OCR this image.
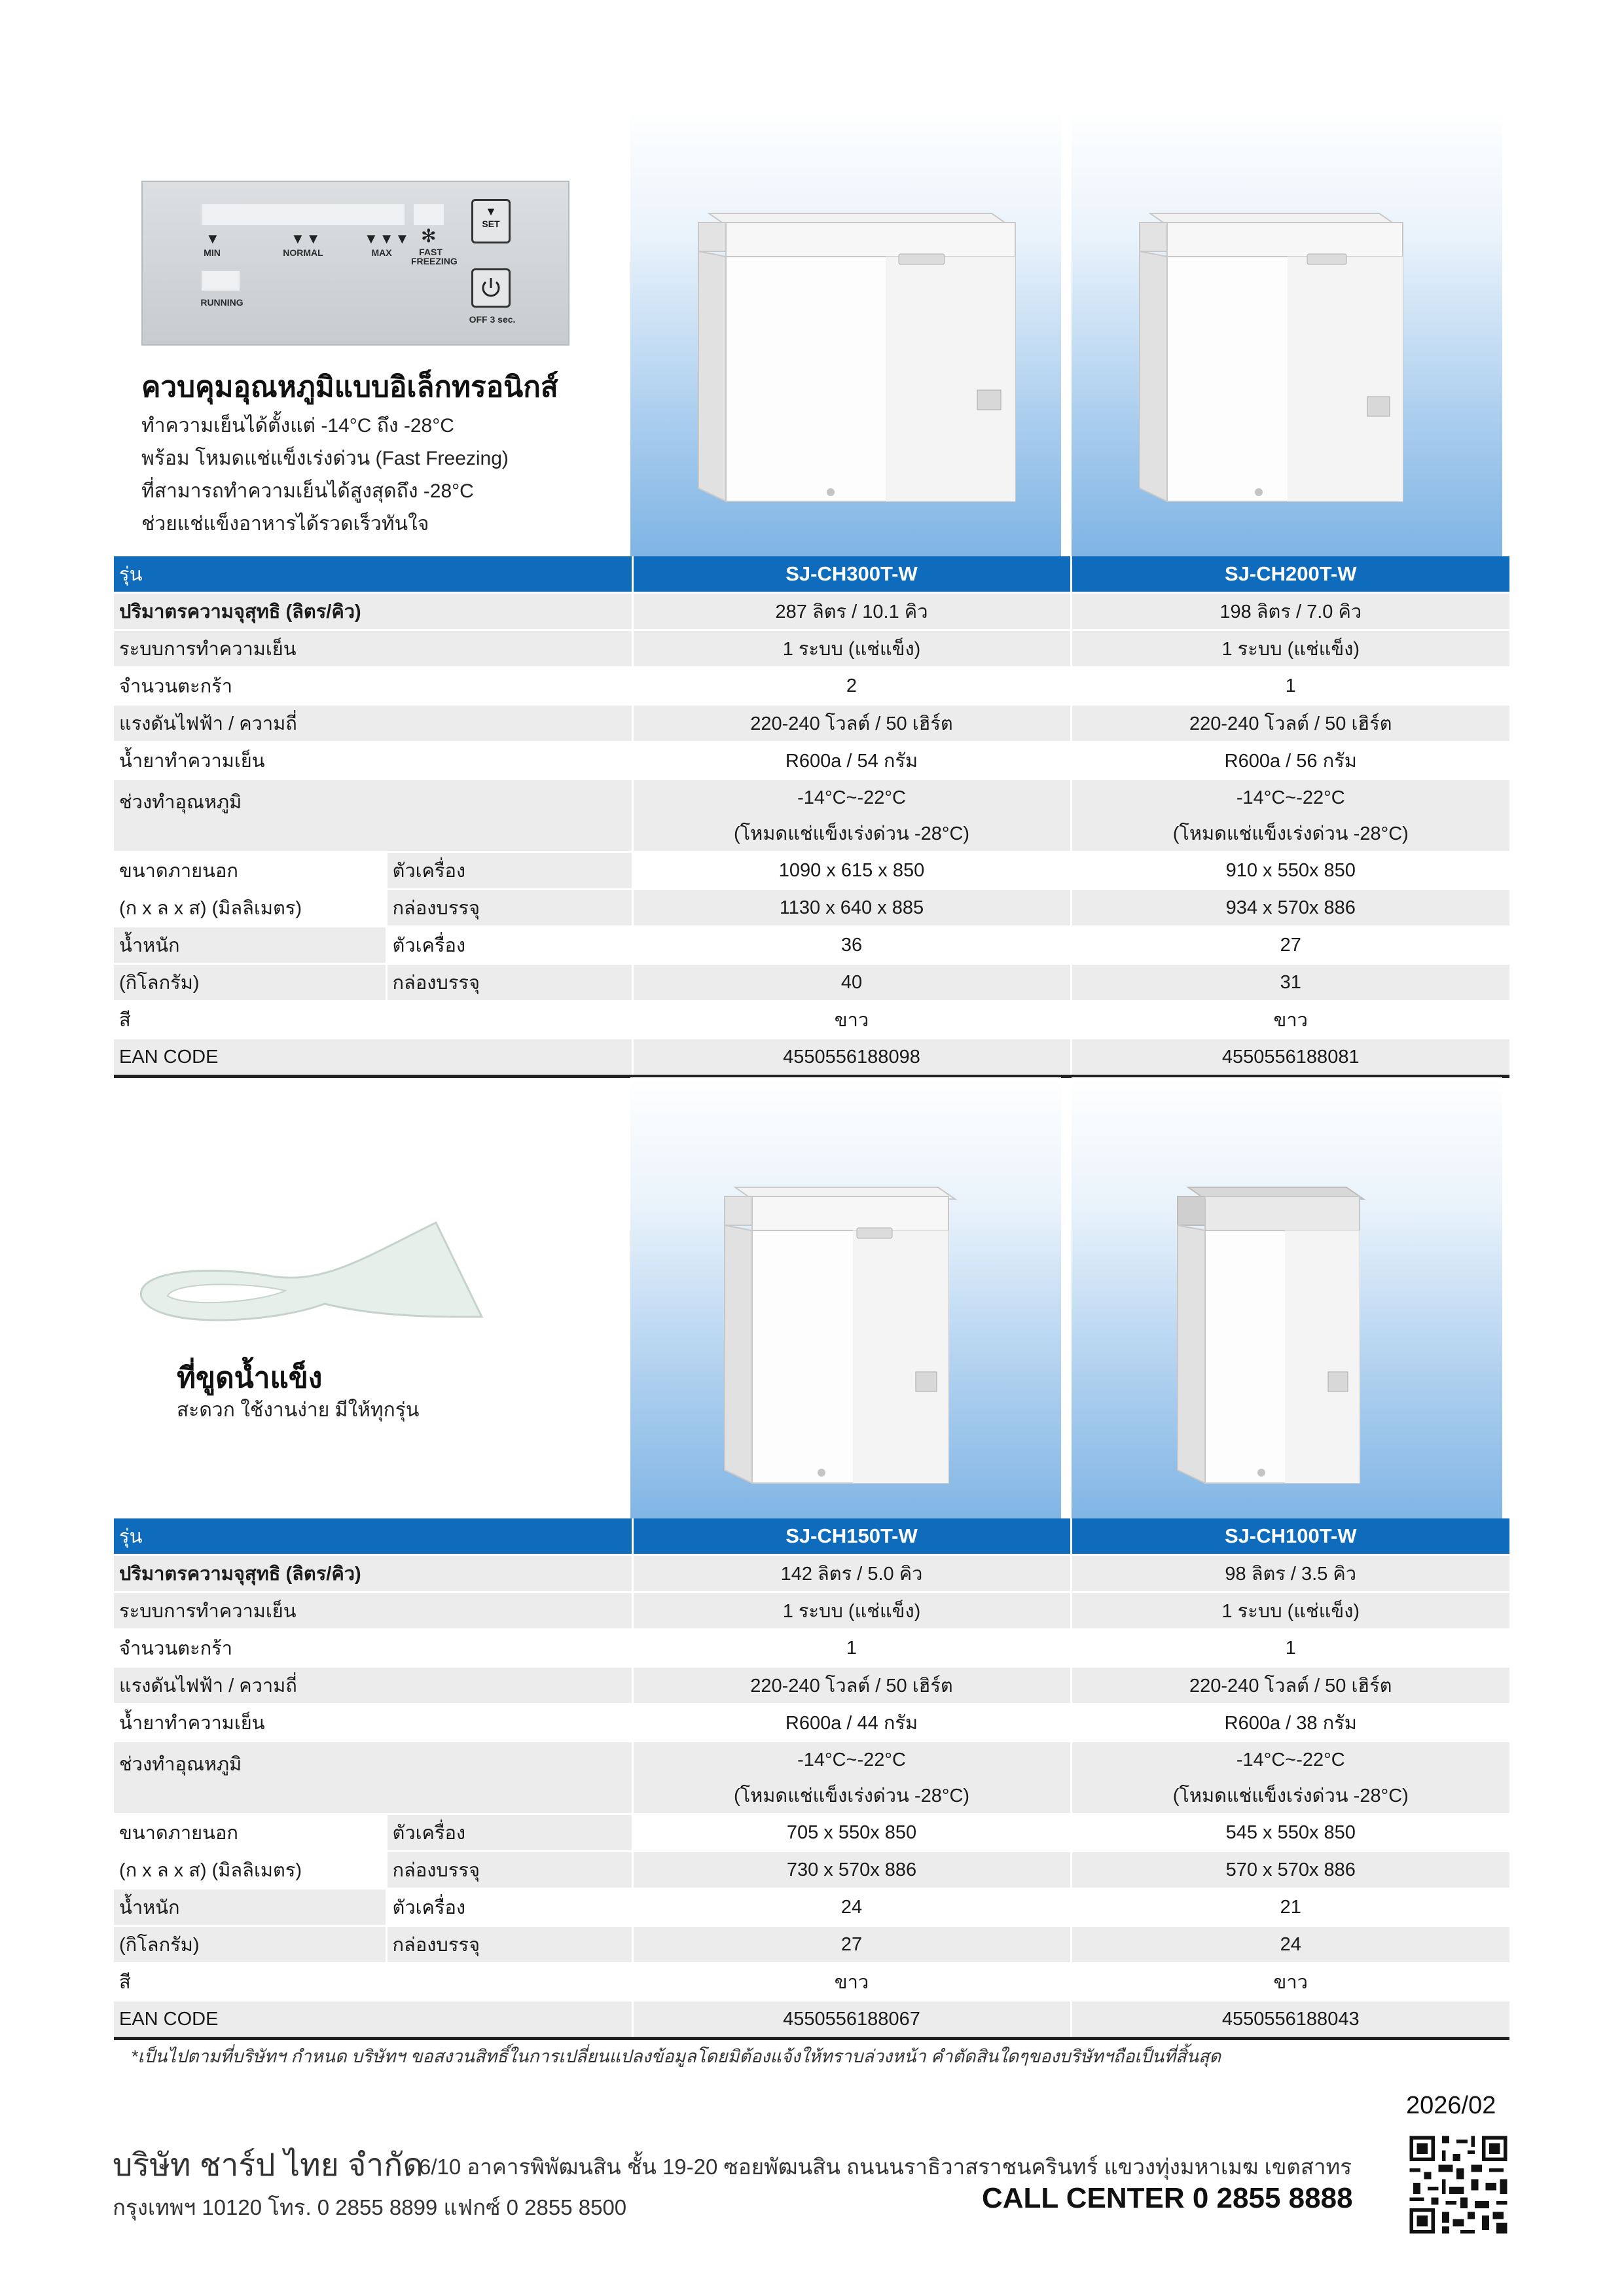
▼
MIN
▼▼
NORMAL
▼▼▼
MAX
✻
FAST
FREEZING
▼
SET
RUNNING
OFF 3 sec.
ควบคุมอุณหภูมิแบบอิเล็กทรอนิกส์
ทำความเย็นได้ตั้งแต่ -14°C ถึง -28°C
พร้อม โหมดแช่แข็งเร่งด่วน (Fast Freezing)
ที่สามารถทำความเย็นได้สูงสุดถึง -28°C
ช่วยแช่แข็งอาหารได้รวดเร็วทันใจ
รุ่น		SJ-CH300T-W	SJ-CH200T-W
ปริมาตรความจุสุทธิ (ลิตร/คิว)		287 ลิตร / 10.1 คิว	198 ลิตร / 7.0 คิว
ระบบการทำความเย็น		1 ระบบ (แช่แข็ง)	1 ระบบ (แช่แข็ง)
จำนวนตะกร้า		2	1
แรงดันไฟฟ้า / ความถี่		220-240 โวลต์ / 50 เฮิร์ต	220-240 โวลต์ / 50 เฮิร์ต
น้ำยาทำความเย็น		R600a / 54 กรัม	R600a / 56 กรัม
ช่วงทำอุณหภูมิ		-14°C~-22°C	-14°C~-22°C
		(โหมดแช่แข็งเร่งด่วน -28°C)	(โหมดแช่แข็งเร่งด่วน -28°C)
ขนาดภายนอก	ตัวเครื่อง	1090 x 615 x 850	910 x 550x 850
(ก x ล x ส) (มิลลิเมตร)	กล่องบรรจุ	1130 x 640 x 885	934 x 570x 886
น้ำหนัก	ตัวเครื่อง	36	27
(กิโลกรัม)	กล่องบรรจุ	40	31
สี		ขาว	ขาว
EAN CODE		4550556188098	4550556188081
ที่ขูดน้ำแข็ง
สะดวก ใช้งานง่าย มีให้ทุกรุ่น
รุ่น		SJ-CH150T-W	SJ-CH100T-W
ปริมาตรความจุสุทธิ (ลิตร/คิว)		142 ลิตร / 5.0 คิว	98 ลิตร / 3.5 คิว
ระบบการทำความเย็น		1 ระบบ (แช่แข็ง)	1 ระบบ (แช่แข็ง)
จำนวนตะกร้า		1	1
แรงดันไฟฟ้า / ความถี่		220-240 โวลต์ / 50 เฮิร์ต	220-240 โวลต์ / 50 เฮิร์ต
น้ำยาทำความเย็น		R600a / 44 กรัม	R600a / 38 กรัม
ช่วงทำอุณหภูมิ		-14°C~-22°C	-14°C~-22°C
		(โหมดแช่แข็งเร่งด่วน -28°C)	(โหมดแช่แข็งเร่งด่วน -28°C)
ขนาดภายนอก	ตัวเครื่อง	705 x 550x 850	545 x 550x 850
(ก x ล x ส) (มิลลิเมตร)	กล่องบรรจุ	730 x 570x 886	570 x 570x 886
น้ำหนัก	ตัวเครื่อง	24	21
(กิโลกรัม)	กล่องบรรจุ	27	24
สี		ขาว	ขาว
EAN CODE		4550556188067	4550556188043
*เป็นไปตามที่บริษัทฯ กำหนด บริษัทฯ ขอสงวนสิทธิ์ในการเปลี่ยนแปลงข้อมูลโดยมิต้องแจ้งให้ทราบล่วงหน้า คำตัดสินใดๆของบริษัทฯถือเป็นที่สิ้นสุด
2026/02
บริษัท ชาร์ป ไทย จำกัด
6/10 อาคารพิพัฒนสิน ชั้น 19-20 ซอยพัฒนสิน ถนนนราธิวาสราชนครินทร์ แขวงทุ่งมหาเมฆ เขตสาทร
กรุงเทพฯ 10120 โทร. 0 2855 8899 แฟกซ์ 0 2855 8500	CALL CENTER 0 2855 8888
